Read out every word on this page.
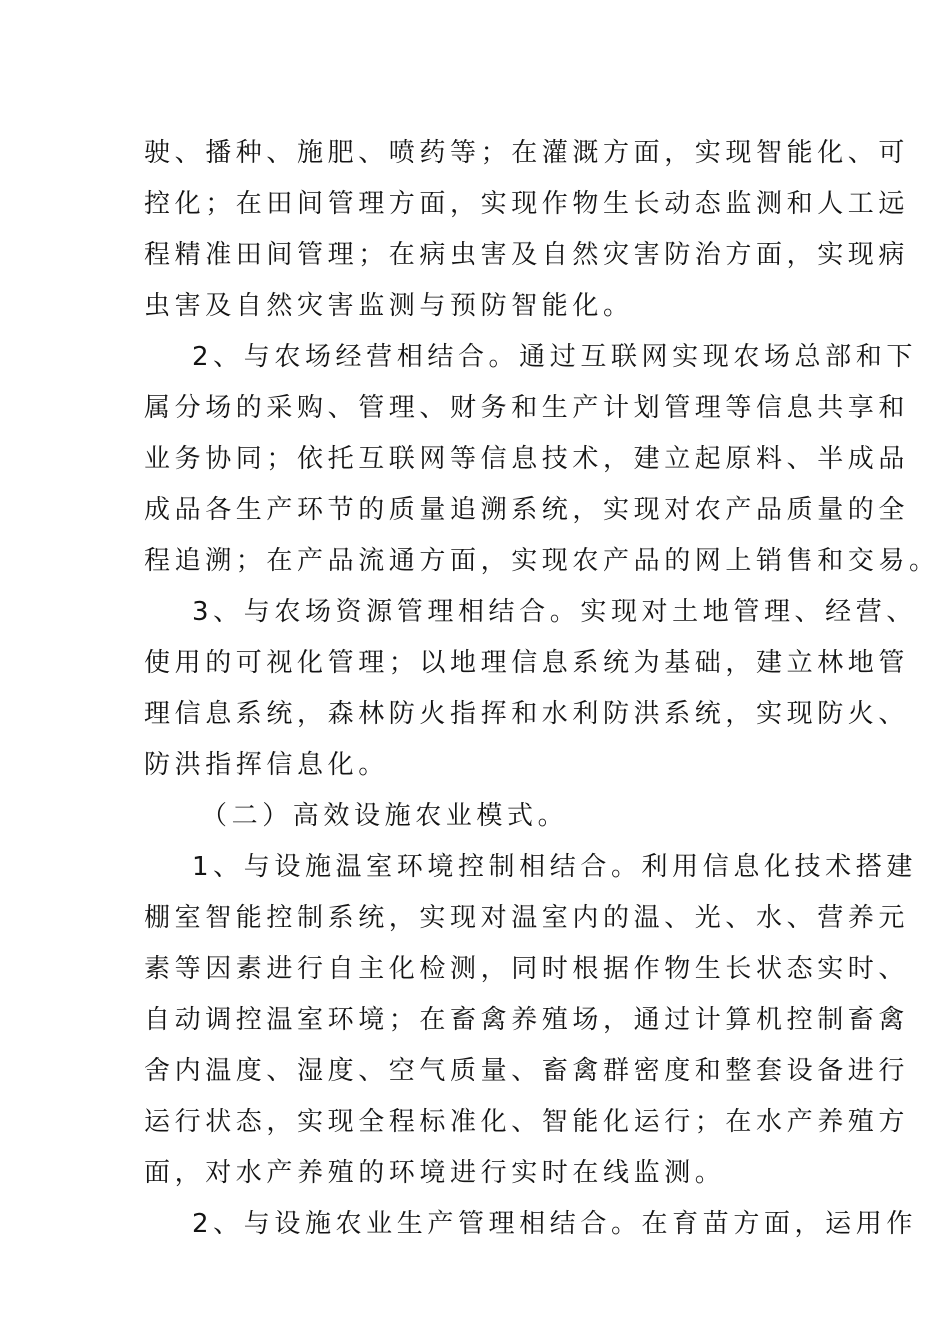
驶、播种、施肥、喷药等；在灌溉方面，实现智能化、可
控化；在田间管理方面，实现作物生长动态监测和人工远
程精准田间管理；在病虫害及自然灾害防治方面，实现病
虫害及自然灾害监测与预防智能化。
2、与农场经营相结合。通过互联网实现农场总部和下
属分场的采购、管理、财务和生产计划管理等信息共享和
业务协同；依托互联网等信息技术，建立起原料、半成品
成品各生产环节的质量追溯系统，实现对农产品质量的全
程追溯；在产品流通方面，实现农产品的网上销售和交易。
3、与农场资源管理相结合。实现对土地管理、经营、
使用的可视化管理；以地理信息系统为基础，建立林地管
理信息系统，森林防火指挥和水利防洪系统，实现防火、
防洪指挥信息化。
（二）高效设施农业模式。
1、与设施温室环境控制相结合。利用信息化技术搭建
棚室智能控制系统，实现对温室内的温、光、水、营养元
素等因素进行自主化检测，同时根据作物生长状态实时、
自动调控温室环境；在畜禽养殖场，通过计算机控制畜禽
舍内温度、湿度、空气质量、畜禽群密度和整套设备进行
运行状态，实现全程标准化、智能化运行；在水产养殖方
面，对水产养殖的环境进行实时在线监测。
2、与设施农业生产管理相结合。在育苗方面，运用作
